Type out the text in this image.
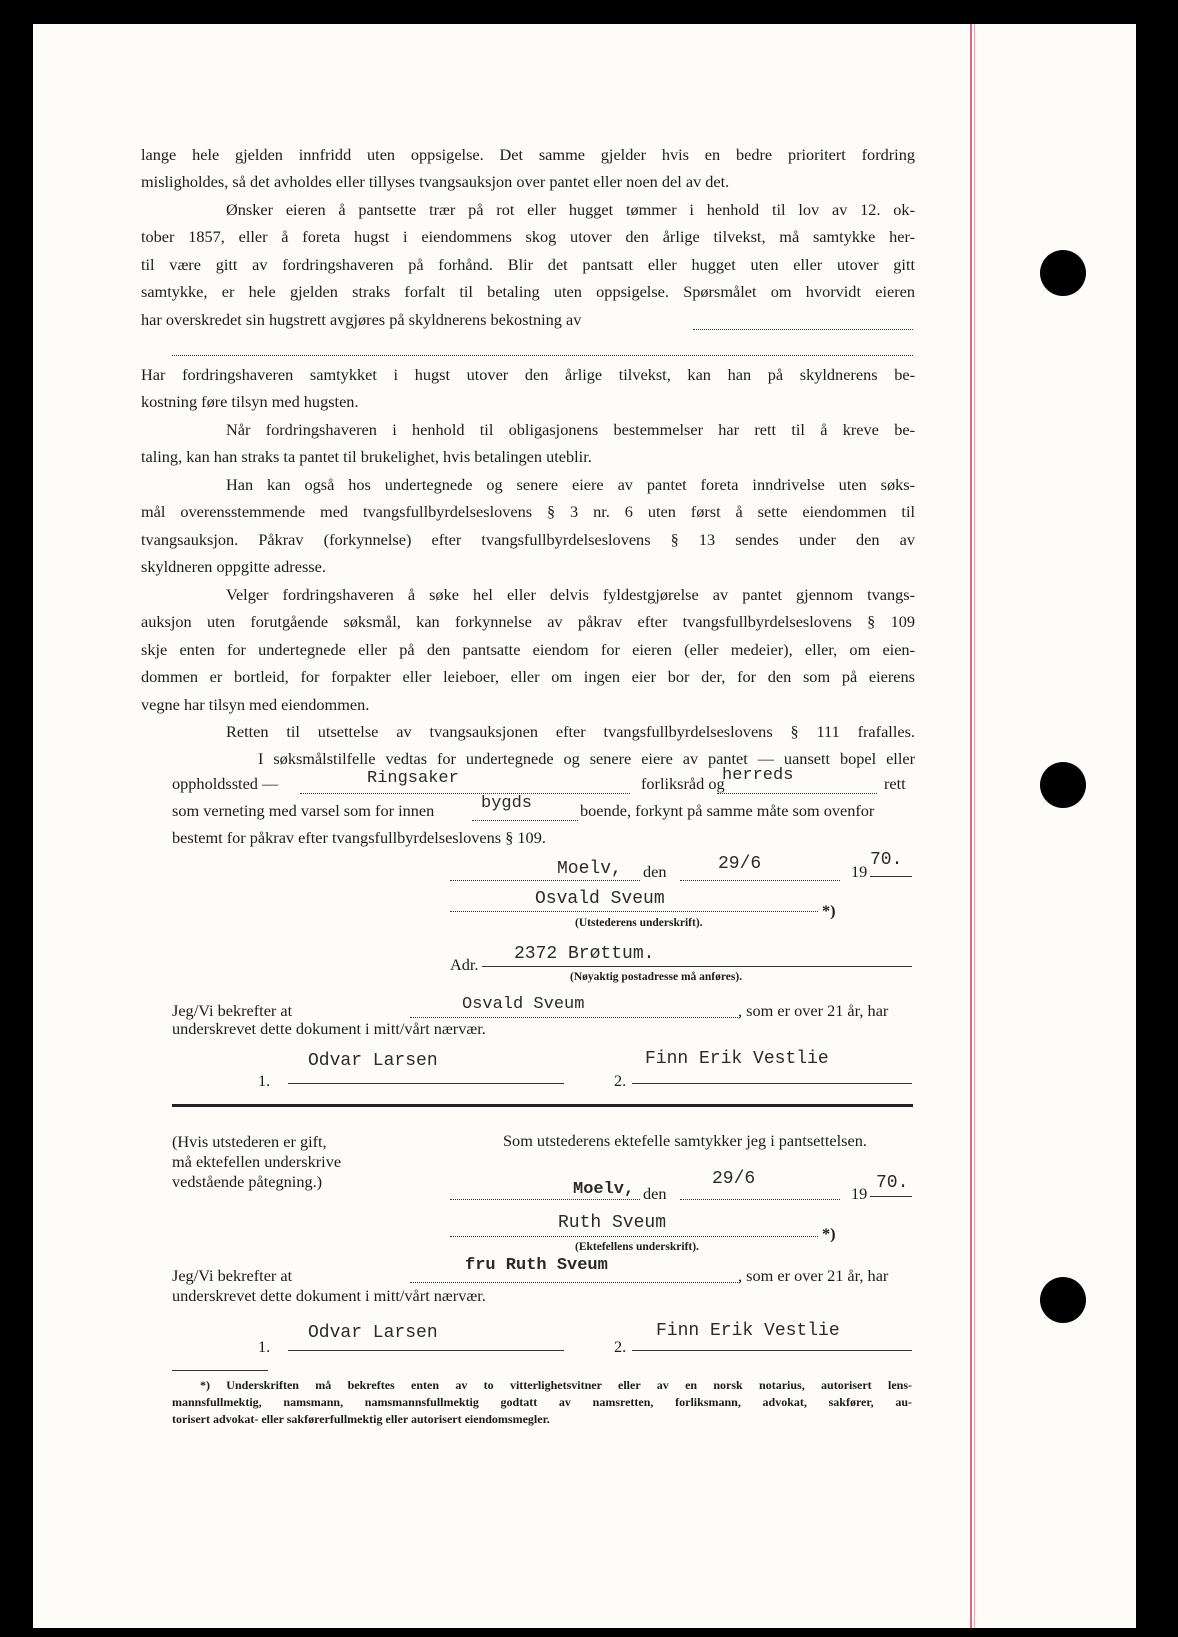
lange hele gjelden innfridd uten oppsigelse. Det samme gjelder hvis en bedre prioritert fordring
misligholdes, så det avholdes eller tillyses tvangsauksjon over pantet eller noen del av det.
Ønsker eieren å pantsette trær på rot eller hugget tømmer i henhold til lov av 12. ok-
tober 1857, eller å foreta hugst i eiendommens skog utover den årlige tilvekst, må samtykke her-
til være gitt av fordringshaveren på forhånd. Blir det pantsatt eller hugget uten eller utover gitt
samtykke, er hele gjelden straks forfalt til betaling uten oppsigelse. Spørsmålet om hvorvidt eieren
har overskredet sin hugstrett avgjøres på skyldnerens bekostning av
Har fordringshaveren samtykket i hugst utover den årlige tilvekst, kan han på skyldnerens be-
kostning føre tilsyn med hugsten.
Når fordringshaveren i henhold til obligasjonens bestemmelser har rett til å kreve be-
taling, kan han straks ta pantet til brukelighet, hvis betalingen uteblir.
Han kan også hos undertegnede og senere eiere av pantet foreta inndrivelse uten søks-
mål overensstemmende med tvangsfullbyrdelseslovens § 3 nr. 6 uten først å sette eiendommen til
tvangsauksjon. Påkrav (forkynnelse) efter tvangsfullbyrdelseslovens § 13 sendes under den av
skyldneren oppgitte adresse.
Velger fordringshaveren å søke hel eller delvis fyldestgjørelse av pantet gjennom tvangs-
auksjon uten forutgående søksmål, kan forkynnelse av påkrav efter tvangsfullbyrdelseslovens § 109
skje enten for undertegnede eller på den pantsatte eiendom for eieren (eller medeier), eller, om eien-
dommen er bortleid, for forpakter eller leieboer, eller om ingen eier bor der, for den som på eierens
vegne har tilsyn med eiendommen.
Retten til utsettelse av tvangsauksjonen efter tvangsfullbyrdelseslovens § 111 frafalles.
I søksmålstilfelle vedtas for undertegnede og senere eiere av pantet — uansett bopel eller
oppholdssted —	Ringsaker	forliksråd og
herreds	rett
som verneting med varsel som for innen	bygds	boende, forkynt på samme måte som ovenfor
bestemt for påkrav efter tvangsfullbyrdelseslovens § 109.
Moelv, den	29/6	19
70.
Osvald Sveum
*)
(Utstederens underskrift).
Adr.
2372 Brøttum.
(Nøyaktig postadresse må anføres).
Jeg/Vi bekrefter at	Osvald Sveum	, som er over 21 år, har
underskrevet dette dokument i mitt/vårt nærvær.
Odvar Larsen
1.
Finn Erik Vestlie
2.
(Hvis utstederen er gift,
må ektefellen underskrive
vedstående påtegning.)
Som utstederens ektefelle samtykker jeg i pantsettelsen.
Moelv, den
29/6
19
70.
Ruth Sveum
*)
(Ektefellens underskrift).
Jeg/Vi bekrefter at
fru Ruth Sveum
, som er over 21 år, har
underskrevet dette dokument i mitt/vårt nærvær.
Odvar Larsen
1.
Finn Erik Vestlie
2.
*) Underskriften må bekreftes enten av to vitterlighetsvitner eller av en norsk notarius, autorisert lens-
mannsfullmektig, namsmann, namsmannsfullmektig godtatt av namsretten, forliksmann, advokat, sakfører, au-
torisert advokat- eller sakførerfullmektig eller autorisert eiendomsmegler.
